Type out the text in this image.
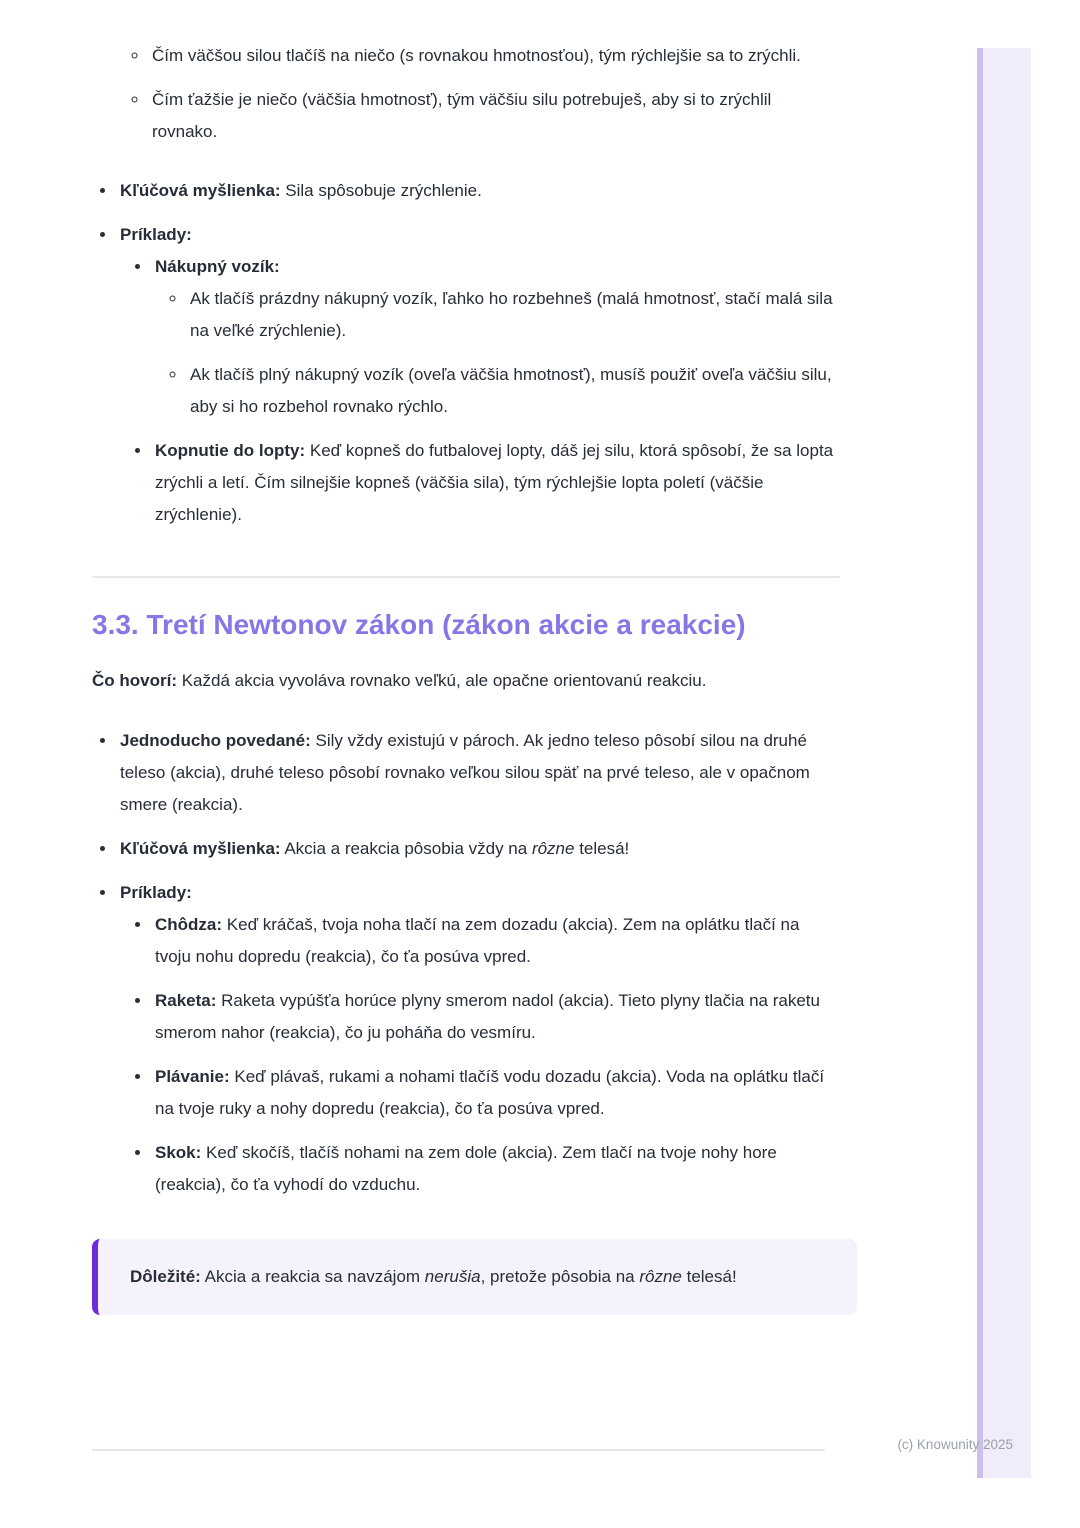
◦ Čím väčšou silou tlačíš na niečo (s rovnakou hmotnosťou), tým rýchlejšie sa to zrýchli.
◦ Čím ťažšie je niečo (väčšia hmotnosť), tým väčšiu silu potrebuješ, aby si to zrýchlil rovnako.
• Kľúčová myšlienka: Sila spôsobuje zrýchlenie.
• Príklady:
• Nákupný vozík:
◦ Ak tlačíš prázdny nákupný vozík, ľahko ho rozbehneš (malá hmotnosť, stačí malá sila na veľké zrýchlenie).
◦ Ak tlačíš plný nákupný vozík (oveľa väčšia hmotnosť), musíš použiť oveľa väčšiu silu, aby si ho rozbehol rovnako rýchlo.
• Kopnutie do lopty: Keď kopneš do futbalovej lopty, dáš jej silu, ktorá spôsobí, že sa lopta zrýchli a letí. Čím silnejšie kopneš (väčšia sila), tým rýchlejšie lopta poletí (väčšie zrýchlenie).
3.3. Tretí Newtonov zákon (zákon akcie a reakcie)

Čo hovorí: Každá akcia vyvoláva rovnako veľkú, ale opačne orientovanú reakciu.

• Jednoducho povedané: Sily vždy existujú v pároch. Ak jedno teleso pôsobí silou na druhé teleso (akcia), druhé teleso pôsobí rovnako veľkou silou späť na prvé teleso, ale v opačnom smere (reakcia).
• Kľúčová myšlienka: Akcia a reakcia pôsobia vždy na rôzne telesá!
• Príklady:
• Chôdza: Keď kráčaš, tvoja noha tlačí na zem dozadu (akcia). Zem na oplátku tlačí na tvoju nohu dopredu (reakcia), čo ťa posúva vpred.
• Raketa: Raketa vypúšťa horúce plyny smerom nadol (akcia). Tieto plyny tlačia na raketu smerom nahor (reakcia), čo ju poháňa do vesmíru.
• Plávanie: Keď plávaš, rukami a nohami tlačíš vodu dozadu (akcia). Voda na oplátku tlačí na tvoje ruky a nohy dopredu (reakcia), čo ťa posúva vpred.
• Skok: Keď skočíš, tlačíš nohami na zem dole (akcia). Zem tlačí na tvoje nohy hore (reakcia), čo ťa vyhodí do vzduchu.

Dôležité: Akcia a reakcia sa navzájom nerušia, pretože pôsobia na rôzne telesá!

(c) Knowunity 2025
